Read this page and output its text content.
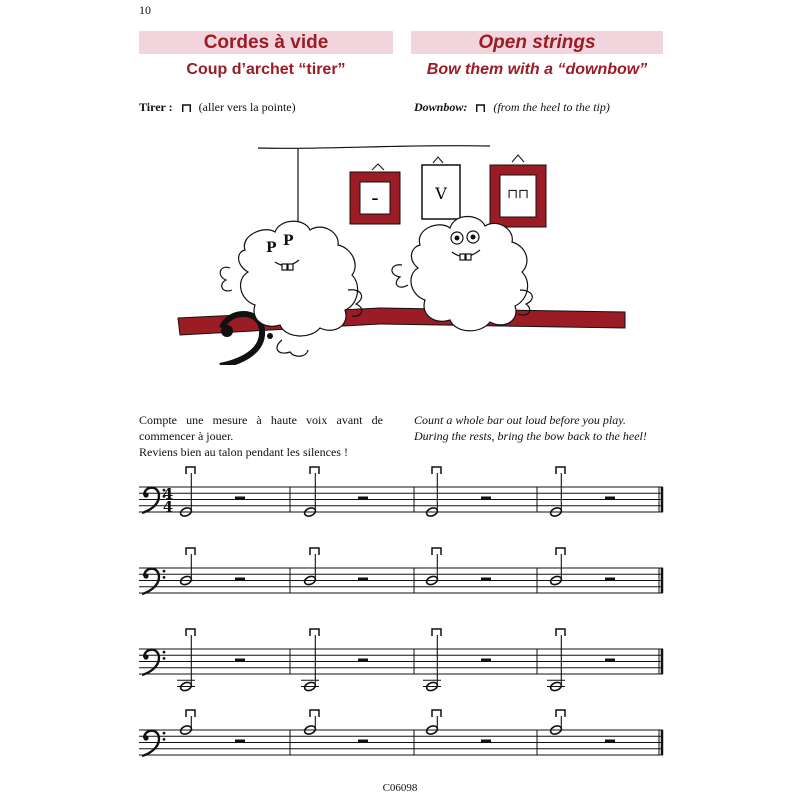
10
Cordes à vide	Open strings
Coup d’archet “tirer”	Bow them with a “downbow”
Tirer : (aller vers la pointe)	Downbow: (from the heel to the tip)
–	V	⊓⊓
P P

Compte une mesure à haute voix avant de commencer à jouer.

Reviens bien au talon pendant les silences !

Count a whole bar out loud before you play.

During the rests, bring the bow back to the heel!

4
4
C06098
